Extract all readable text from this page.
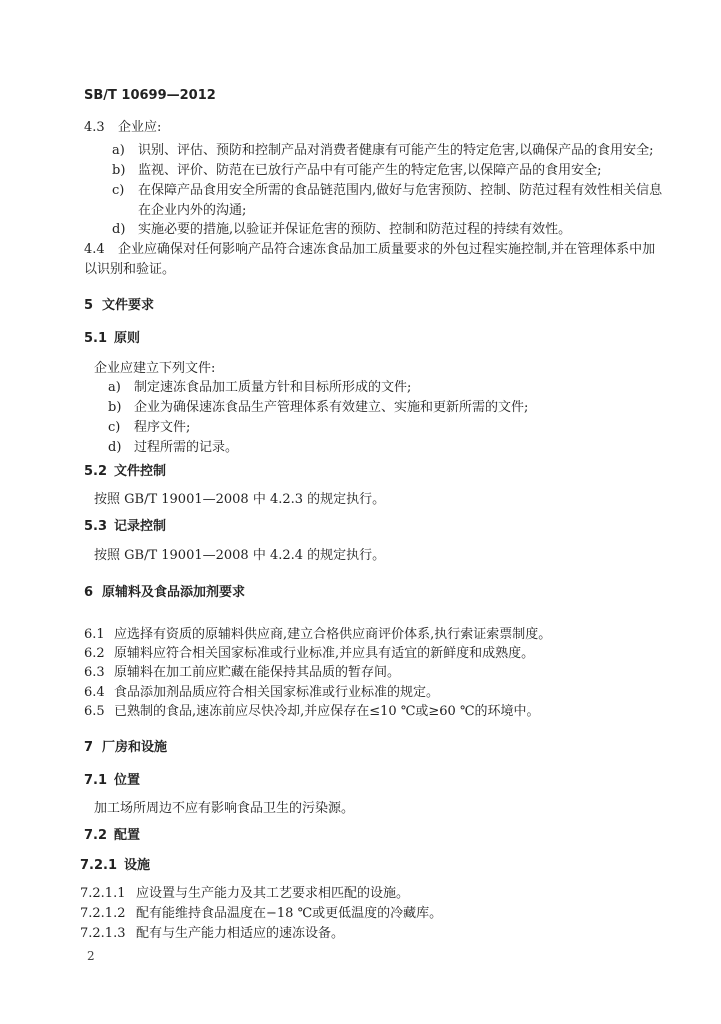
SB/T 10699—2012
4.3 企业应:
a) 识别、评估、预防和控制产品对消费者健康有可能产生的特定危害,以确保产品的食用安全;
b) 监视、评价、防范在已放行产品中有可能产生的特定危害,以保障产品的食用安全;
c) 在保障产品食用安全所需的食品链范围内,做好与危害预防、控制、防范过程有效性相关信息
在企业内外的沟通;
d) 实施必要的措施,以验证并保证危害的预防、控制和防范过程的持续有效性。
4.4 企业应确保对任何影响产品符合速冻食品加工质量要求的外包过程实施控制,并在管理体系中加
以识别和验证。
5 文件要求
5.1 原则
企业应建立下列文件:
a) 制定速冻食品加工质量方针和目标所形成的文件;
b) 企业为确保速冻食品生产管理体系有效建立、实施和更新所需的文件;
c) 程序文件;
d) 过程所需的记录。
5.2 文件控制
按照 GB/T 19001—2008 中 4.2.3 的规定执行。
5.3 记录控制
按照 GB/T 19001—2008 中 4.2.4 的规定执行。
6 原辅料及食品添加剂要求
6.1 应选择有资质的原辅料供应商,建立合格供应商评价体系,执行索证索票制度。
6.2 原辅料应符合相关国家标准或行业标准,并应具有适宜的新鲜度和成熟度。
6.3 原辅料在加工前应贮藏在能保持其品质的暂存间。
6.4 食品添加剂品质应符合相关国家标准或行业标准的规定。
6.5 已熟制的食品,速冻前应尽快冷却,并应保存在≤10 ℃或≥60 ℃的环境中。
7 厂房和设施
7.1 位置
加工场所周边不应有影响食品卫生的污染源。
7.2 配置
7.2.1 设施
7.2.1.1 应设置与生产能力及其工艺要求相匹配的设施。
7.2.1.2 配有能维持食品温度在−18 ℃或更低温度的冷藏库。
7.2.1.3 配有与生产能力相适应的速冻设备。
2
